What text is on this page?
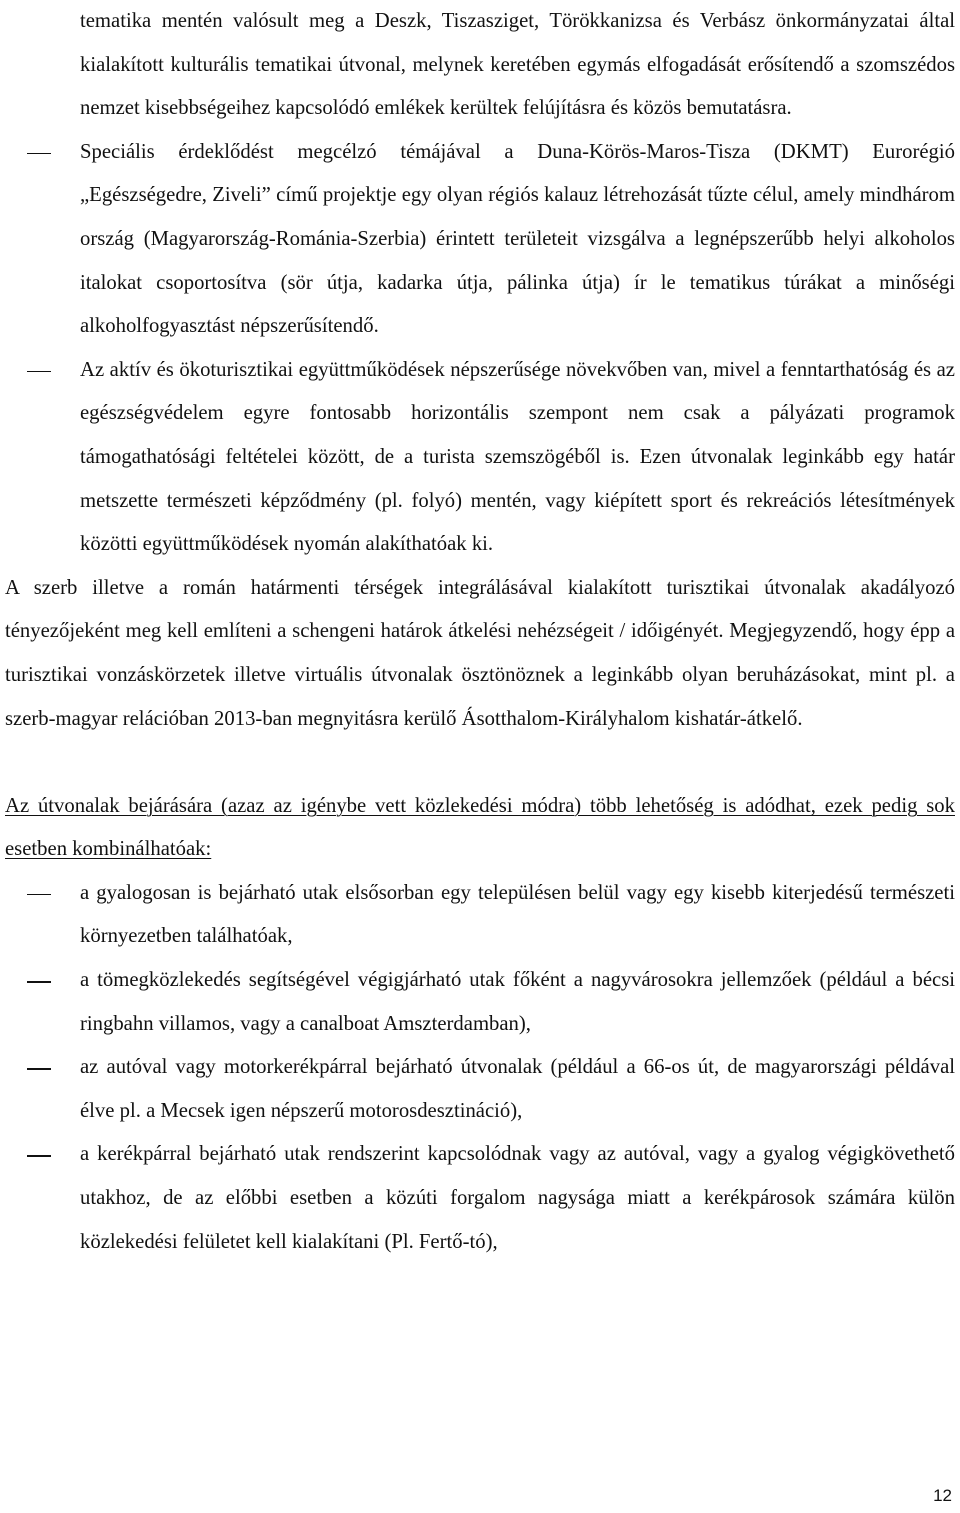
tematika mentén valósult meg a Deszk, Tiszasziget, Törökkanizsa és Verbász önkormányzatai által kialakított kulturális tematikai útvonal, melynek keretében egymás elfogadását erősítendő a szomszédos nemzet kisebbségeihez kapcsolódó emlékek kerültek felújításra és közös bemutatásra.
Speciális érdeklődést megcélzó témájával a Duna-Körös-Maros-Tisza (DKMT) Eurorégió „Egészségedre, Ziveli” című projektje egy olyan régiós kalauz létrehozását tűzte célul, amely mindhárom ország (Magyarország-Románia-Szerbia) érintett területeit vizsgálva a legnépszerűbb helyi alkoholos italokat csoportosítva (sör útja, kadarka útja, pálinka útja) ír le tematikus túrákat a minőségi alkoholfogyasztást népszerűsítendő.
Az aktív és ökoturisztikai együttműködések népszerűsége növekvőben van, mivel a fenntarthatóság és az egészségvédelem egyre fontosabb horizontális szempont nem csak a pályázati programok támogathatósági feltételei között, de a turista szemszögéből is. Ezen útvonalak leginkább egy határ metszette természeti képződmény (pl. folyó) mentén, vagy kiépített sport és rekreációs létesítmények közötti együttműködések nyomán alakíthatóak ki.

A szerb illetve a román határmenti térségek integrálásával kialakított turisztikai útvonalak akadályozó tényezőjeként meg kell említeni a schengeni határok átkelési nehézségeit / időigényét. Megjegyzendő, hogy épp a turisztikai vonzáskörzetek illetve virtuális útvonalak ösztönöznek a leginkább olyan beruházásokat, mint pl. a szerb-magyar relációban 2013-ban megnyitásra kerülő Ásotthalom-Királyhalom kishatár-átkelő.

Az útvonalak bejárására (azaz az igénybe vett közlekedési módra) több lehetőség is adódhat, ezek pedig sok esetben kombinálhatóak:

a gyalogosan is bejárható utak elsősorban egy településen belül vagy egy kisebb kiterjedésű természeti környezetben találhatóak,
a tömegközlekedés segítségével végigjárható utak főként a nagyvárosokra jellemzőek (például a bécsi ringbahn villamos, vagy a canalboat Amszterdamban),
az autóval vagy motorkerékpárral bejárható útvonalak (például a 66-os út, de magyarországi példával élve pl. a Mecsek igen népszerű motorosdesztináció),
a kerékpárral bejárható utak rendszerint kapcsolódnak vagy az autóval, vagy a gyalog végigkövethető utakhoz, de az előbbi esetben a közúti forgalom nagysága miatt a kerékpárosok számára külön közlekedési felületet kell kialakítani (Pl. Fertő-tó),
12
